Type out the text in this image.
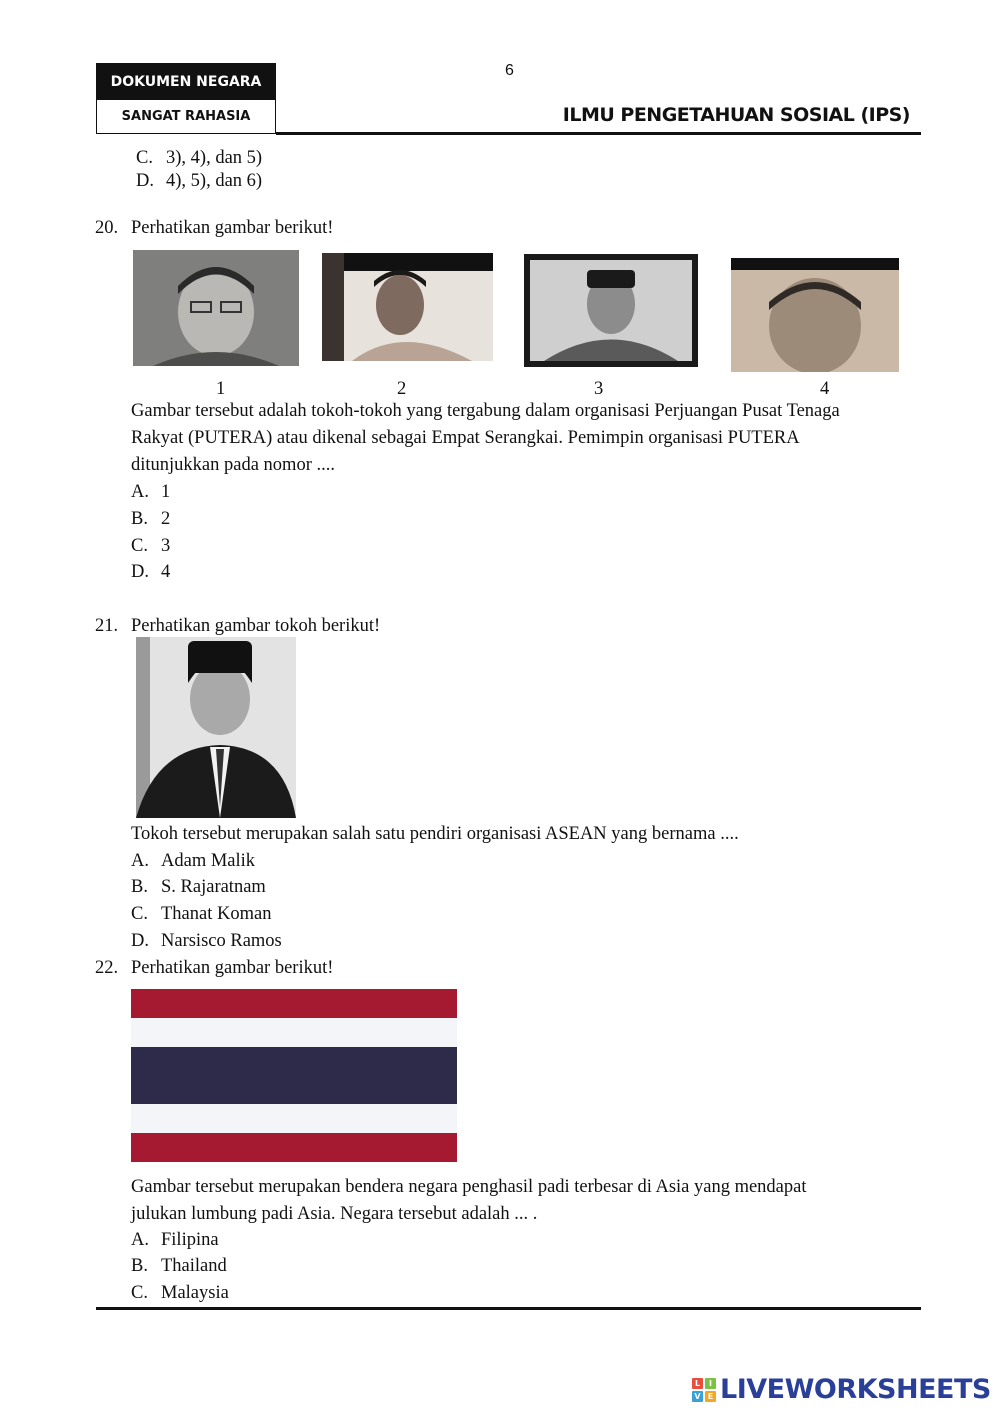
DOKUMEN NEGARA
SANGAT RAHASIA
6
ILMU PENGETAHUAN SOSIAL (IPS)
C. 3), 4), dan 5)
D. 4), 5), dan 6)
20. Perhatikan gambar berikut!
1	2	3	4
Gambar tersebut adalah tokoh-tokoh yang tergabung dalam organisasi Perjuangan Pusat Tenaga
Rakyat (PUTERA) atau dikenal sebagai Empat Serangkai. Pemimpin organisasi PUTERA
ditunjukkan pada nomor ....
A. 1
B. 2
C. 3
D. 4
21. Perhatikan gambar tokoh berikut!
Tokoh tersebut merupakan salah satu pendiri organisasi ASEAN yang bernama ....
A. Adam Malik
B. S. Rajaratnam
C. Thanat Koman
D. Narsisco Ramos
22. Perhatikan gambar berikut!
Gambar tersebut merupakan bendera negara penghasil padi terbesar di Asia yang mendapat
julukan lumbung padi Asia. Negara tersebut adalah ... .
A. Filipina
B. Thailand
C. Malaysia
L	I
V E LIVEWORKSHEETS
